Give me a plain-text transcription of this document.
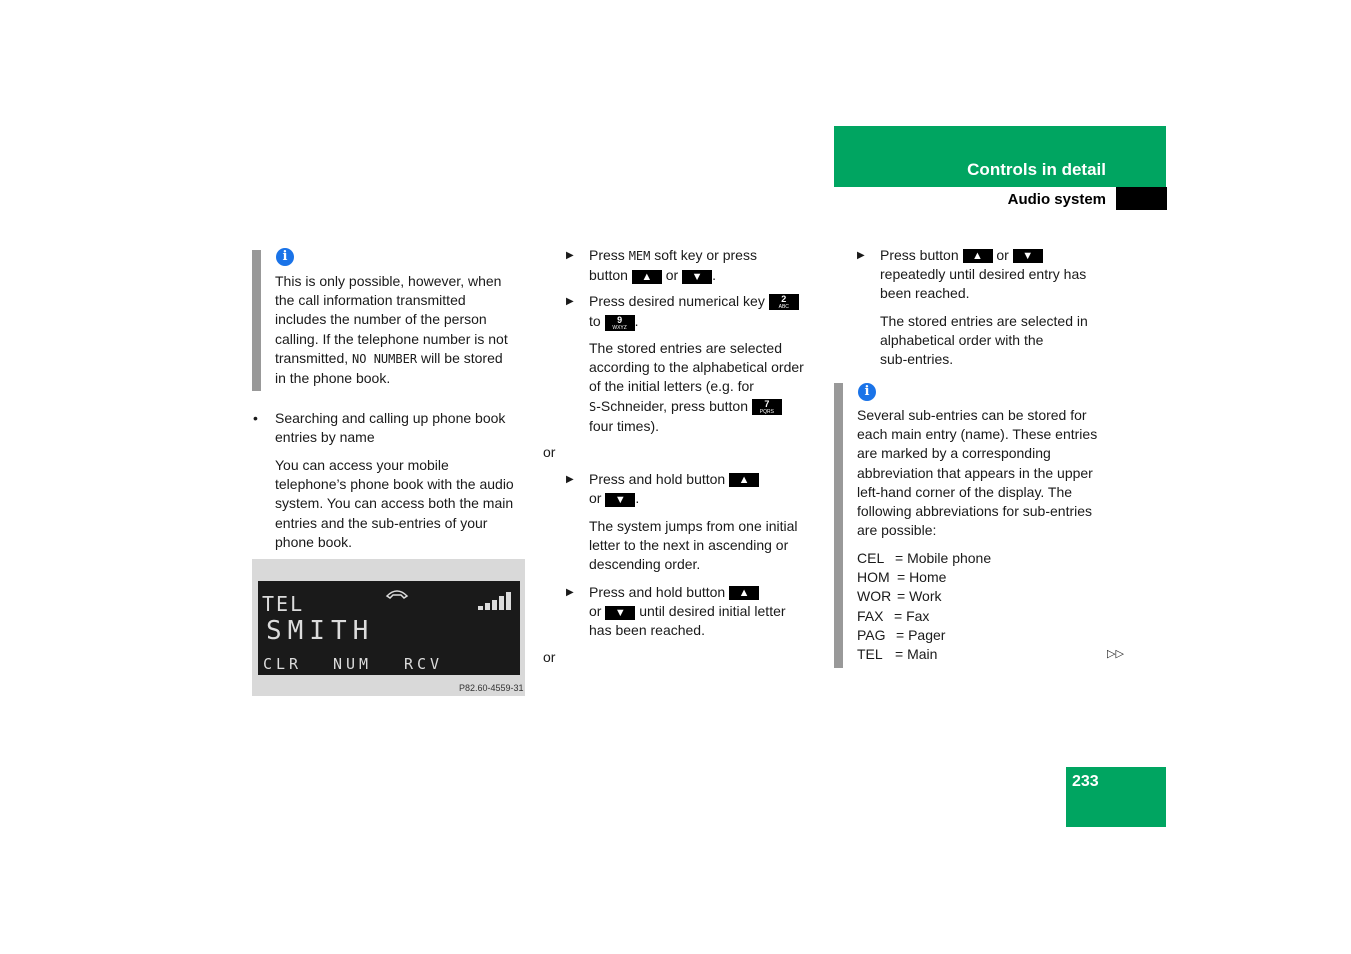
Controls in detail
Audio system
i
This is only possible, however, when
the call information transmitted
includes the number of the person
calling. If the telephone number is not
transmitted, NO NUMBER will be stored
in the phone book.
• Searching and calling up phone book
entries by name
You can access your mobile
telephone’s phone book with the audio
system. You can access both the main
entries and the sub-entries of your
phone book.
TEL
SMITH
CLR NUM RCV
P82.60-4559-31
▶ Press MEM soft key or press
button ▲ or ▼ .
▶ Press desired numerical key	2
ABC
to	9
WXYZ .
The stored entries are selected
according to the alphabetical order
of the initial letters (e.g. for
S-Schneider, press button	7
PQRS
four times).
or
▶ Press and hold button ▲
or ▼ .
The system jumps from one initial
letter to the next in ascending or
descending order.
▶ Press and hold button ▲
or ▼ until desired initial letter
has been reached.
or
▶ Press button ▲ or ▼
repeatedly until desired entry has
been reached.
The stored entries are selected in
alphabetical order with the
sub-entries.
i
Several sub-entries can be stored for
each main entry (name). These entries
are marked by a corresponding
abbreviation that appears in the upper
left-hand corner of the display. The
following abbreviations for sub-entries
are possible:
CEL = Mobile phone
HOM = Home
WOR = Work
FAX = Fax
PAG = Pager
TEL = Main	▷▷
233
